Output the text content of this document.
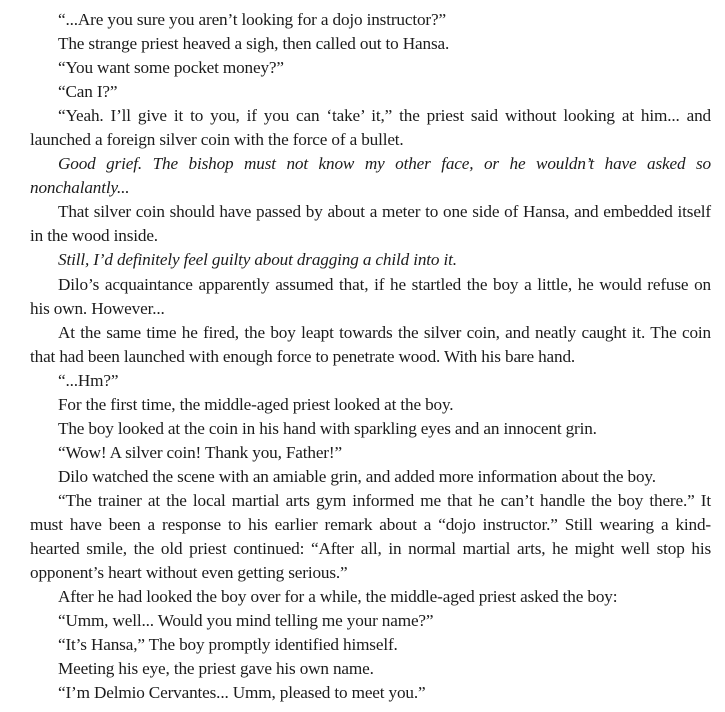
“...Are you sure you aren’t looking for a dojo instructor?”

The strange priest heaved a sigh, then called out to Hansa.

“You want some pocket money?”

“Can I?”

“Yeah. I’ll give it to you, if you can ‘take’ it,” the priest said without looking at him... and launched a foreign silver coin with the force of a bullet.

Good grief. The bishop must not know my other face, or he wouldn’t have asked so nonchalantly...

That silver coin should have passed by about a meter to one side of Hansa, and embedded itself in the wood inside.

Still, I’d definitely feel guilty about dragging a child into it.

Dilo’s acquaintance apparently assumed that, if he startled the boy a little, he would refuse on his own. However...

At the same time he fired, the boy leapt towards the silver coin, and neatly caught it. The coin that had been launched with enough force to penetrate wood. With his bare hand.

“...Hm?”

For the first time, the middle-aged priest looked at the boy.

The boy looked at the coin in his hand with sparkling eyes and an innocent grin.

“Wow! A silver coin! Thank you, Father!”

Dilo watched the scene with an amiable grin, and added more information about the boy.

“The trainer at the local martial arts gym informed me that he can’t handle the boy there.” It must have been a response to his earlier remark about a “dojo instructor.” Still wearing a kind-hearted smile, the old priest continued: “After all, in normal martial arts, he might well stop his opponent’s heart without even getting serious.”

After he had looked the boy over for a while, the middle-aged priest asked the boy:

“Umm, well... Would you mind telling me your name?”

“It’s Hansa,” The boy promptly identified himself.

Meeting his eye, the priest gave his own name.

“I’m Delmio Cervantes... Umm, pleased to meet you.”
